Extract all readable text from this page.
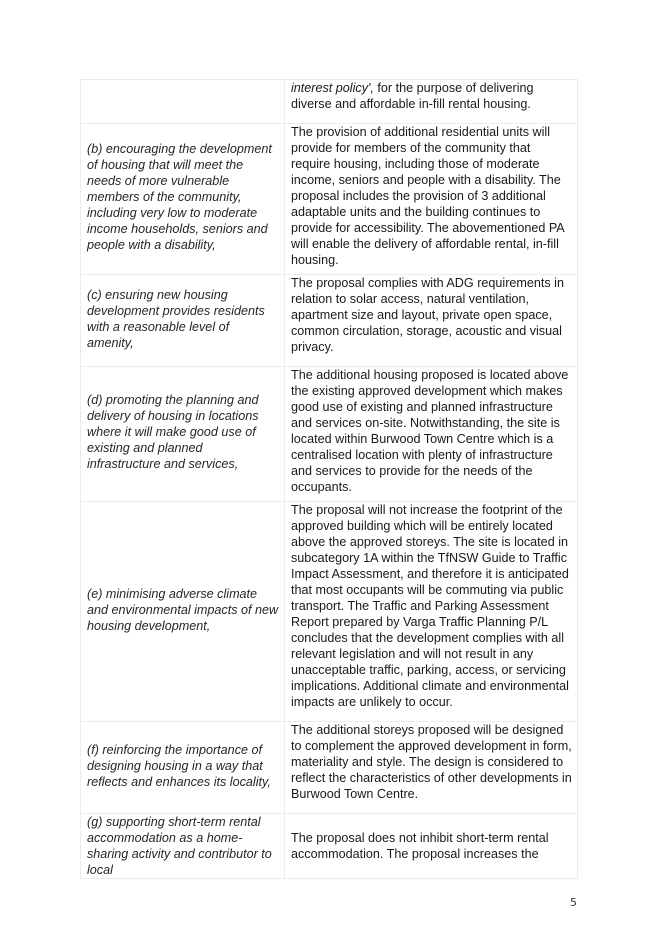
	interest policy', for the purpose of delivering diverse and affordable in-fill rental housing.

(b) encouraging the development of housing that will meet the needs of more vulnerable members of the community, including very low to moderate income households, seniors and people with a disability,	The provision of additional residential units will provide for members of the community that require housing, including those of moderate income, seniors and people with a disability. The proposal includes the provision of 3 additional adaptable units and the building continues to provide for accessibility. The abovementioned PA will enable the delivery of affordable rental, in-fill housing.

(c) ensuring new housing development provides residents with a reasonable level of amenity,	The proposal complies with ADG requirements in relation to solar access, natural ventilation, apartment size and layout, private open space, common circulation, storage, acoustic and visual privacy.

(d) promoting the planning and delivery of housing in locations where it will make good use of existing and planned infrastructure and services,	The additional housing proposed is located above the existing approved development which makes good use of existing and planned infrastructure and services on-site. Notwithstanding, the site is located within Burwood Town Centre which is a centralised location with plenty of infrastructure and services to provide for the needs of the occupants.

(e) minimising adverse climate and environmental impacts of new housing development,	The proposal will not increase the footprint of the approved building which will be entirely located above the approved storeys. The site is located in subcategory 1A within the TfNSW Guide to Traffic Impact Assessment, and therefore it is anticipated that most occupants will be commuting via public transport. The Traffic and Parking Assessment Report prepared by Varga Traffic Planning P/L concludes that the development complies with all relevant legislation and will not result in any unacceptable traffic, parking, access, or servicing implications. Additional climate and environmental impacts are unlikely to occur.

(f) reinforcing the importance of designing housing in a way that reflects and enhances its locality,	The additional storeys proposed will be designed to complement the approved development in form, materiality and style. The design is considered to reflect the characteristics of other developments in Burwood Town Centre.

(g) supporting short-term rental accommodation as a home-sharing activity and contributor to local	The proposal does not inhibit short-term rental accommodation. The proposal increases the
5
